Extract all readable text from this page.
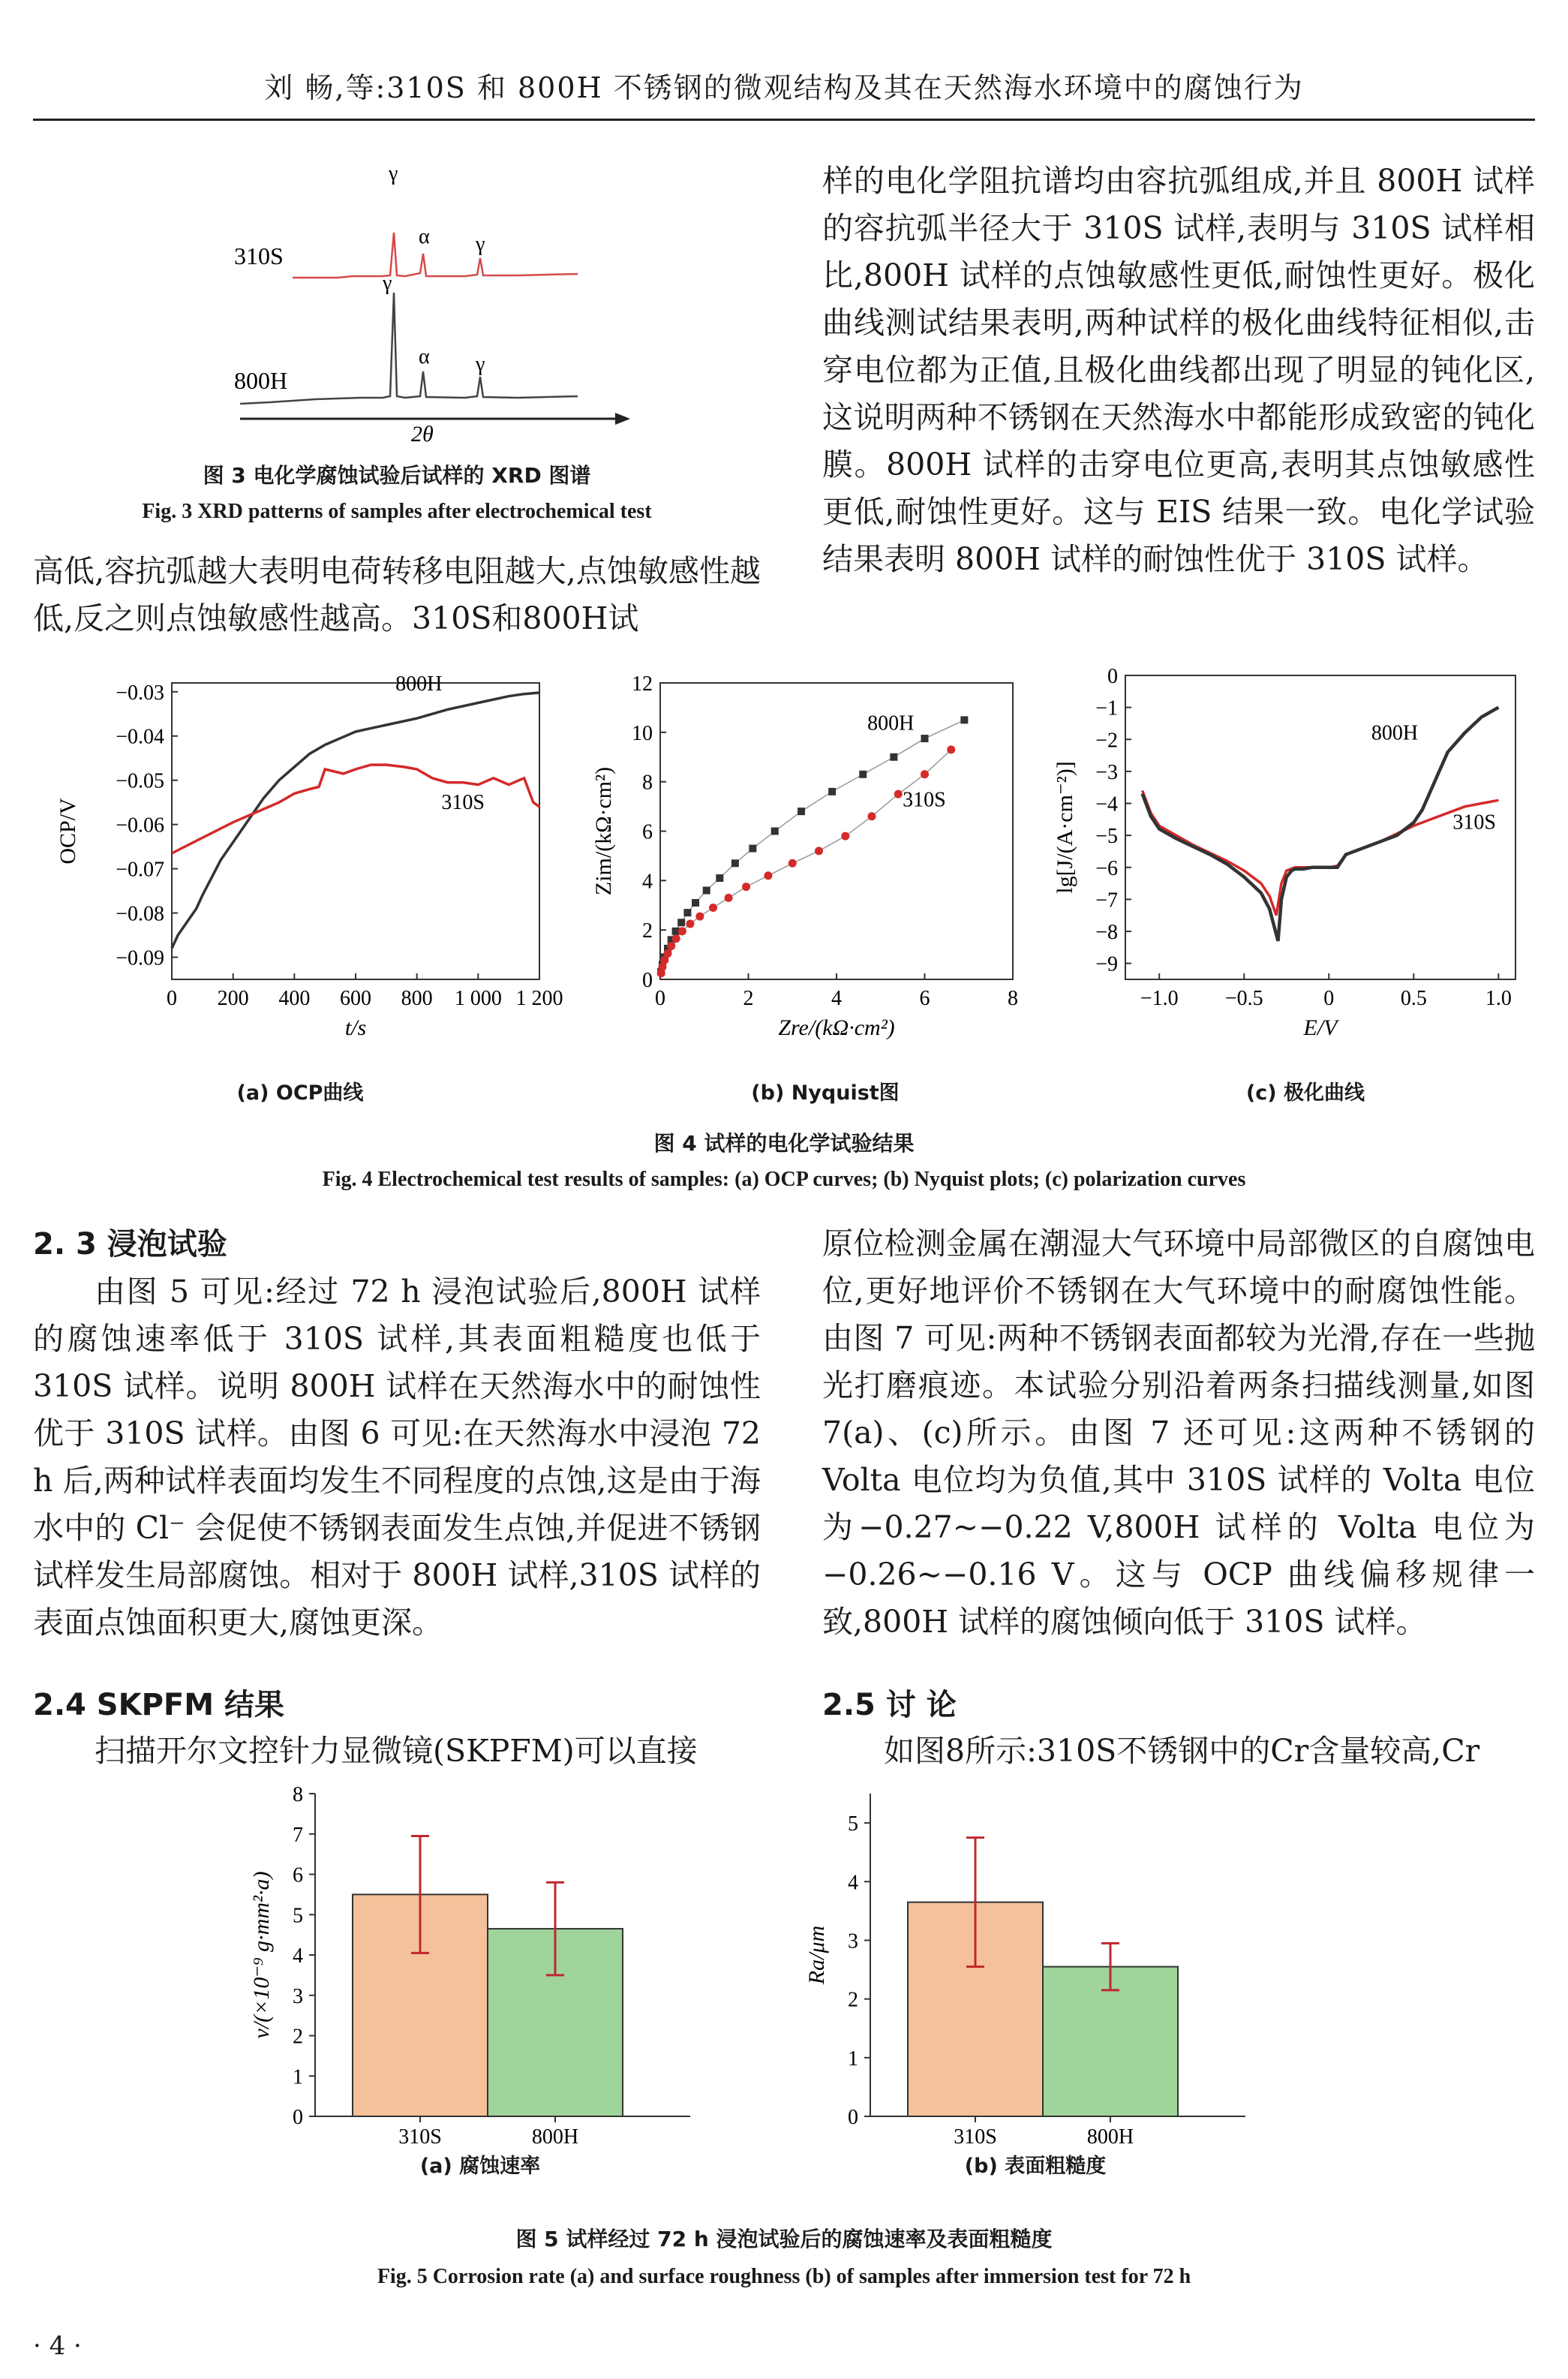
刘 畅,等:310S 和 800H 不锈钢的微观结构及其在天然海水环境中的腐蚀行为
310S
800H
γ
α γ
γ
α γ
2θ
图 3 电化学腐蚀试验后试样的 XRD 图谱
Fig. 3 XRD patterns of samples after electrochemical test
高低,容抗弧越大表明电荷转移电阻越大,点蚀敏感性越低,反之则点蚀敏感性越高。310S和800H试
样的电化学阻抗谱均由容抗弧组成,并且 800H 试样的容抗弧半径大于 310S 试样,表明与 310S 试样相比,800H 试样的点蚀敏感性更低,耐蚀性更好。极化曲线测试结果表明,两种试样的极化曲线特征相似,击穿电位都为正值,且极化曲线都出现了明显的钝化区,这说明两种不锈钢在天然海水中都能形成致密的钝化膜。800H 试样的击穿电位更高,表明其点蚀敏感性更低,耐蚀性更好。这与 EIS 结果一致。电化学试验结果表明 800H 试样的耐蚀性优于 310S 试样。
0 200 400 600 800 1 000 1 200
−0.03
−0.04
−0.05
−0.06
−0.07
−0.08
−0.09
t/s
OCP/V
800H
310S
0	2	4	6	8
0
2
4
6
8
10
12
Zre/(kΩ·cm²)
Zim/(kΩ·cm²)
800H
310S
−1.0 −0.5	0	0.5	1.0
0
−1
−2
−3
−4
−5
−6
−7
−8
−9
E/V
lg[J/(A·cm⁻²)]
800H
310S
(a) OCP曲线	(b) Nyquist图	(c) 极化曲线
图 4 试样的电化学试验结果
Fig. 4 Electrochemical test results of samples: (a) OCP curves; (b) Nyquist plots; (c) polarization curves
2. 3 浸泡试验
由图 5 可见:经过 72 h 浸泡试验后,800H 试样的腐蚀速率低于 310S 试样,其表面粗糙度也低于 310S 试样。说明 800H 试样在天然海水中的耐蚀性优于 310S 试样。由图 6 可见:在天然海水中浸泡 72 h 后,两种试样表面均发生不同程度的点蚀,这是由于海水中的 Cl⁻ 会促使不锈钢表面发生点蚀,并促进不锈钢试样发生局部腐蚀。相对于 800H 试样,310S 试样的表面点蚀面积更大,腐蚀更深。
2.4 SKPFM 结果
扫描开尔文控针力显微镜(SKPFM)可以直接
原位检测金属在潮湿大气环境中局部微区的自腐蚀电位,更好地评价不锈钢在大气环境中的耐腐蚀性能。由图 7 可见:两种不锈钢表面都较为光滑,存在一些抛光打磨痕迹。本试验分别沿着两条扫描线测量,如图 7(a)、(c)所示。由图 7 还可见:这两种不锈钢的 Volta 电位均为负值,其中 310S 试样的 Volta 电位为−0.27~−0.22 V,800H 试样的 Volta 电位为−0.26~−0.16 V。这与 OCP 曲线偏移规律一致,800H 试样的腐蚀倾向低于 310S 试样。
2.5 讨 论
如图8所示:310S不锈钢中的Cr含量较高,Cr
0
1
2
3
4
5
6
7
8
310S	800H
v/(×10⁻⁹ g·mm²·a)
0
1
2
3
4
5
310S	800H
Ra/μm
(a) 腐蚀速率	(b) 表面粗糙度
图 5 试样经过 72 h 浸泡试验后的腐蚀速率及表面粗糙度
Fig. 5 Corrosion rate (a) and surface roughness (b) of samples after immersion test for 72 h
· 4 ·
